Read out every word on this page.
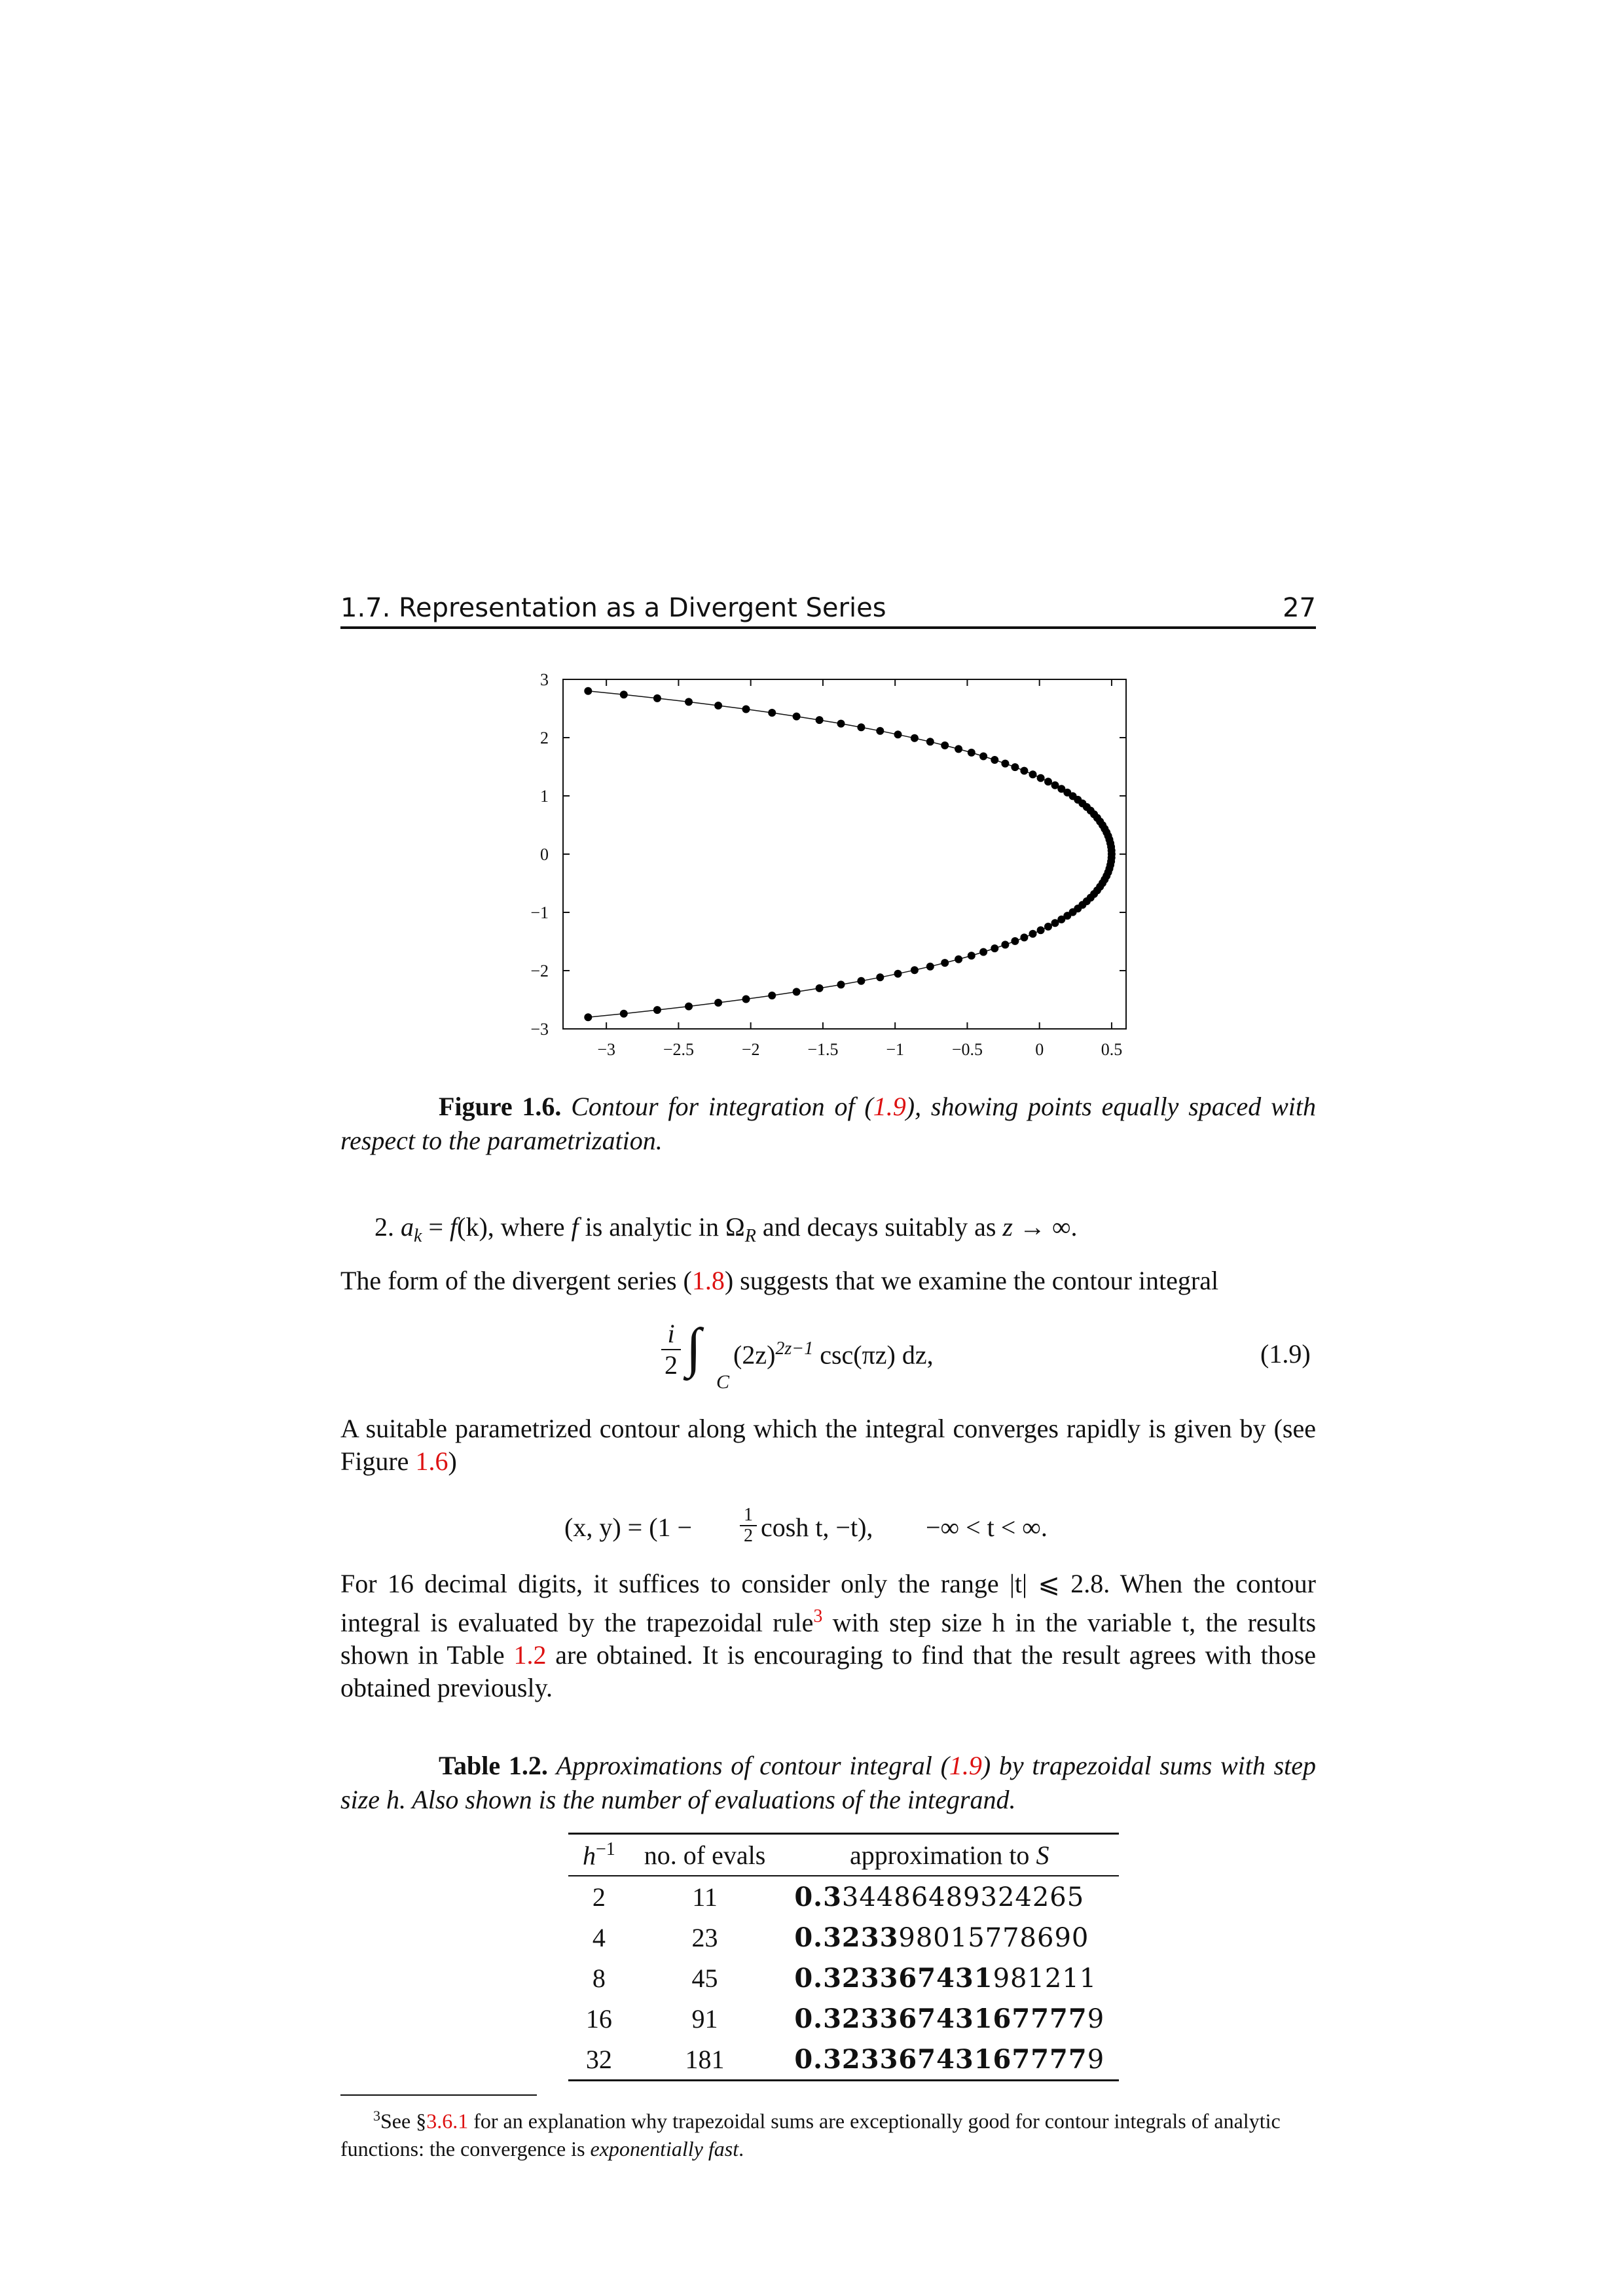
1.7. Representation as a Divergent Series	27
−3	−2.5	−2	−1.5	−1	−0.5	0	0.5
3
2
1
0
−1
−2
−3
Figure 1.6. Contour for integration of (1.9), showing points equally spaced with respect to the parametrization.
2. $a_k = f(k)$, where f is analytic in $\Omega_R$ and decays suitably as z → ∞.
The form of the divergent series (1.8) suggests that we examine the contour integral
$\frac{i}{2}$ ∫
C
$(2z)^{2z-1}$ csc(πz) dz,	(1.9)
A suitable parametrized contour along which the integral converges rapidly is given by (see Figure 1.6)
(x, y) = (1 −	$\frac{1}{2}$ cosh t, −t), −∞ < t < ∞.
For 16 decimal digits, it suffices to consider only the range |t| ⩽ 2.8. When the contour integral is evaluated by the trapezoidal rule$^3$ with step size h in the variable t, the results shown in Table 1.2 are obtained. It is encouraging to find that the result agrees with those obtained previously.
Table 1.2. Approximations of contour integral (1.9) by trapezoidal sums with step size h. Also shown is the number of evaluations of the integrand.
$h^{-1}$	no. of evals	approximation to S
2	11	0.334486489324265
4	23	0.323398015778690
8	45	0.323367431981211
16	91	0.323367431677779
32	181	0.323367431677779
$^3$See §3.6.1 for an explanation why trapezoidal sums are exceptionally good for contour integrals of analytic functions: the convergence is exponentially fast.
